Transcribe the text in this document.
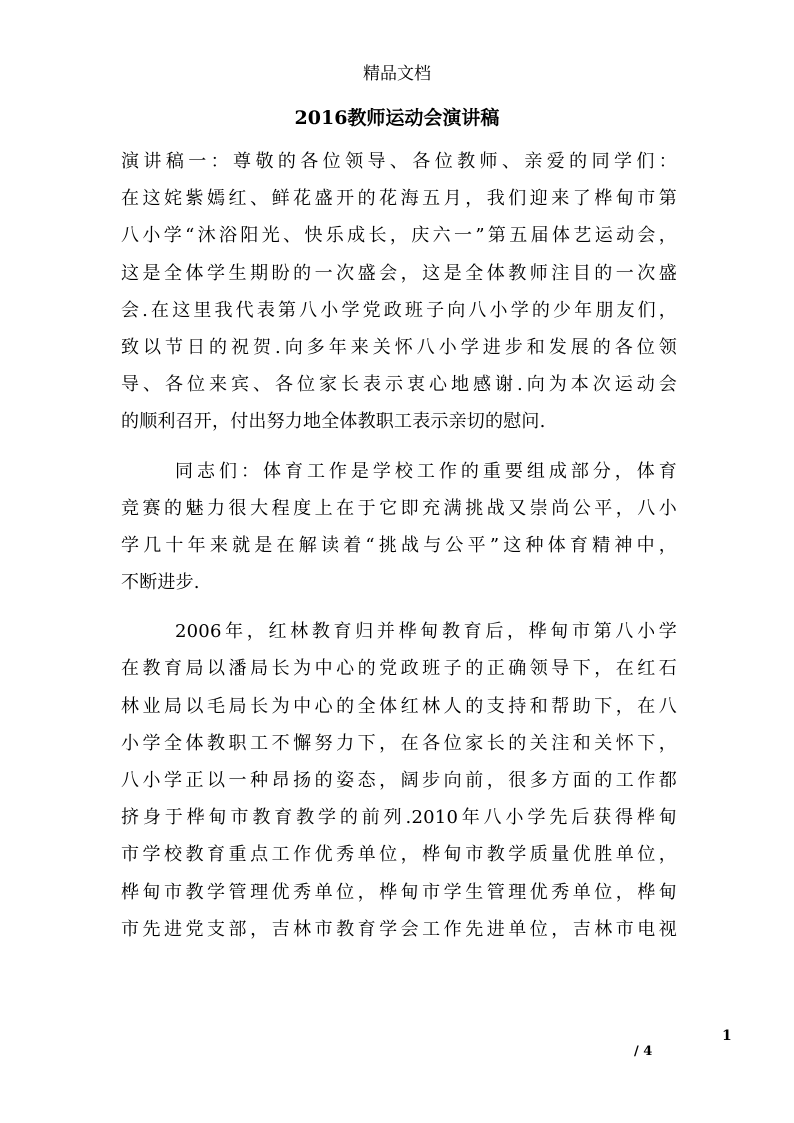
精品文档
2016教师运动会演讲稿
演讲稿一：尊敬的各位领导、各位教师、亲爱的同学们：
在这姹紫嫣红、鲜花盛开的花海五月，我们迎来了桦甸市第
八小学“沐浴阳光、快乐成长，庆六一”第五届体艺运动会，
这是全体学生期盼的一次盛会，这是全体教师注目的一次盛
会.在这里我代表第八小学党政班子向八小学的少年朋友们，
致以节日的祝贺.向多年来关怀八小学进步和发展的各位领
导、各位来宾、各位家长表示衷心地感谢.向为本次运动会
的顺利召开，付出努力地全体教职工表示亲切的慰问.
同志们：体育工作是学校工作的重要组成部分，体育
竞赛的魅力很大程度上在于它即充满挑战又崇尚公平，八小
学几十年来就是在解读着“挑战与公平”这种体育精神中，
不断进步.
2006年，红林教育归并桦甸教育后，桦甸市第八小学
在教育局以潘局长为中心的党政班子的正确领导下，在红石
林业局以毛局长为中心的全体红林人的支持和帮助下，在八
小学全体教职工不懈努力下，在各位家长的关注和关怀下，
八小学正以一种昂扬的姿态，阔步向前，很多方面的工作都
挤身于桦甸市教育教学的前列.2010年八小学先后获得桦甸
市学校教育重点工作优秀单位，桦甸市教学质量优胜单位，
桦甸市教学管理优秀单位，桦甸市学生管理优秀单位，桦甸
市先进党支部，吉林市教育学会工作先进单位，吉林市电视
1
/ 4
